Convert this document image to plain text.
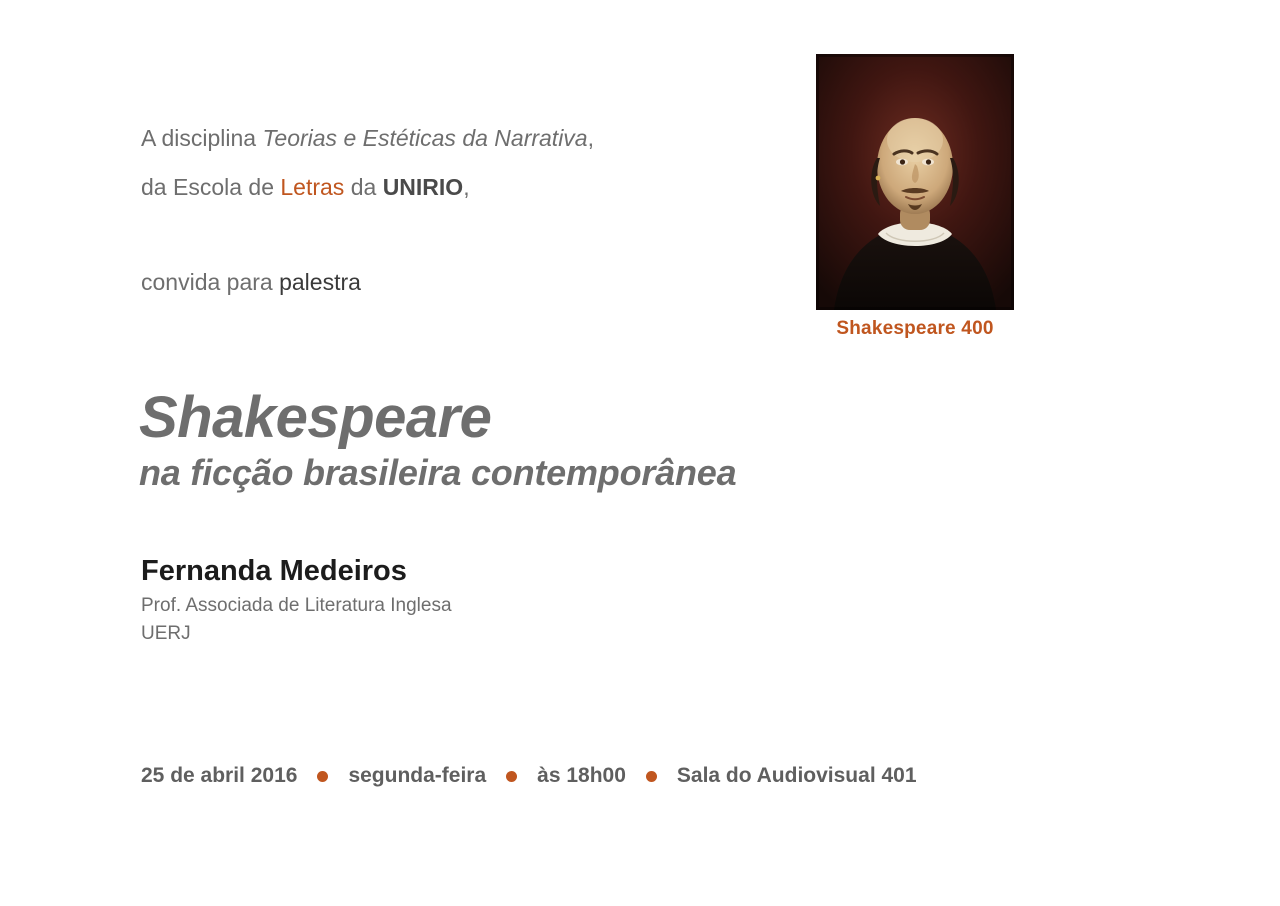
Shakespeare 400
A disciplina Teorias e Estéticas da Narrativa,
da Escola de Letras da UNIRIO,
convida para palestra
Shakespeare
na ficção brasileira contemporânea
Fernanda Medeiros
Prof. Associada de Literatura Inglesa
UERJ
25 de abril 2016 segunda-feira às 18h00 Sala do Audiovisual 401
